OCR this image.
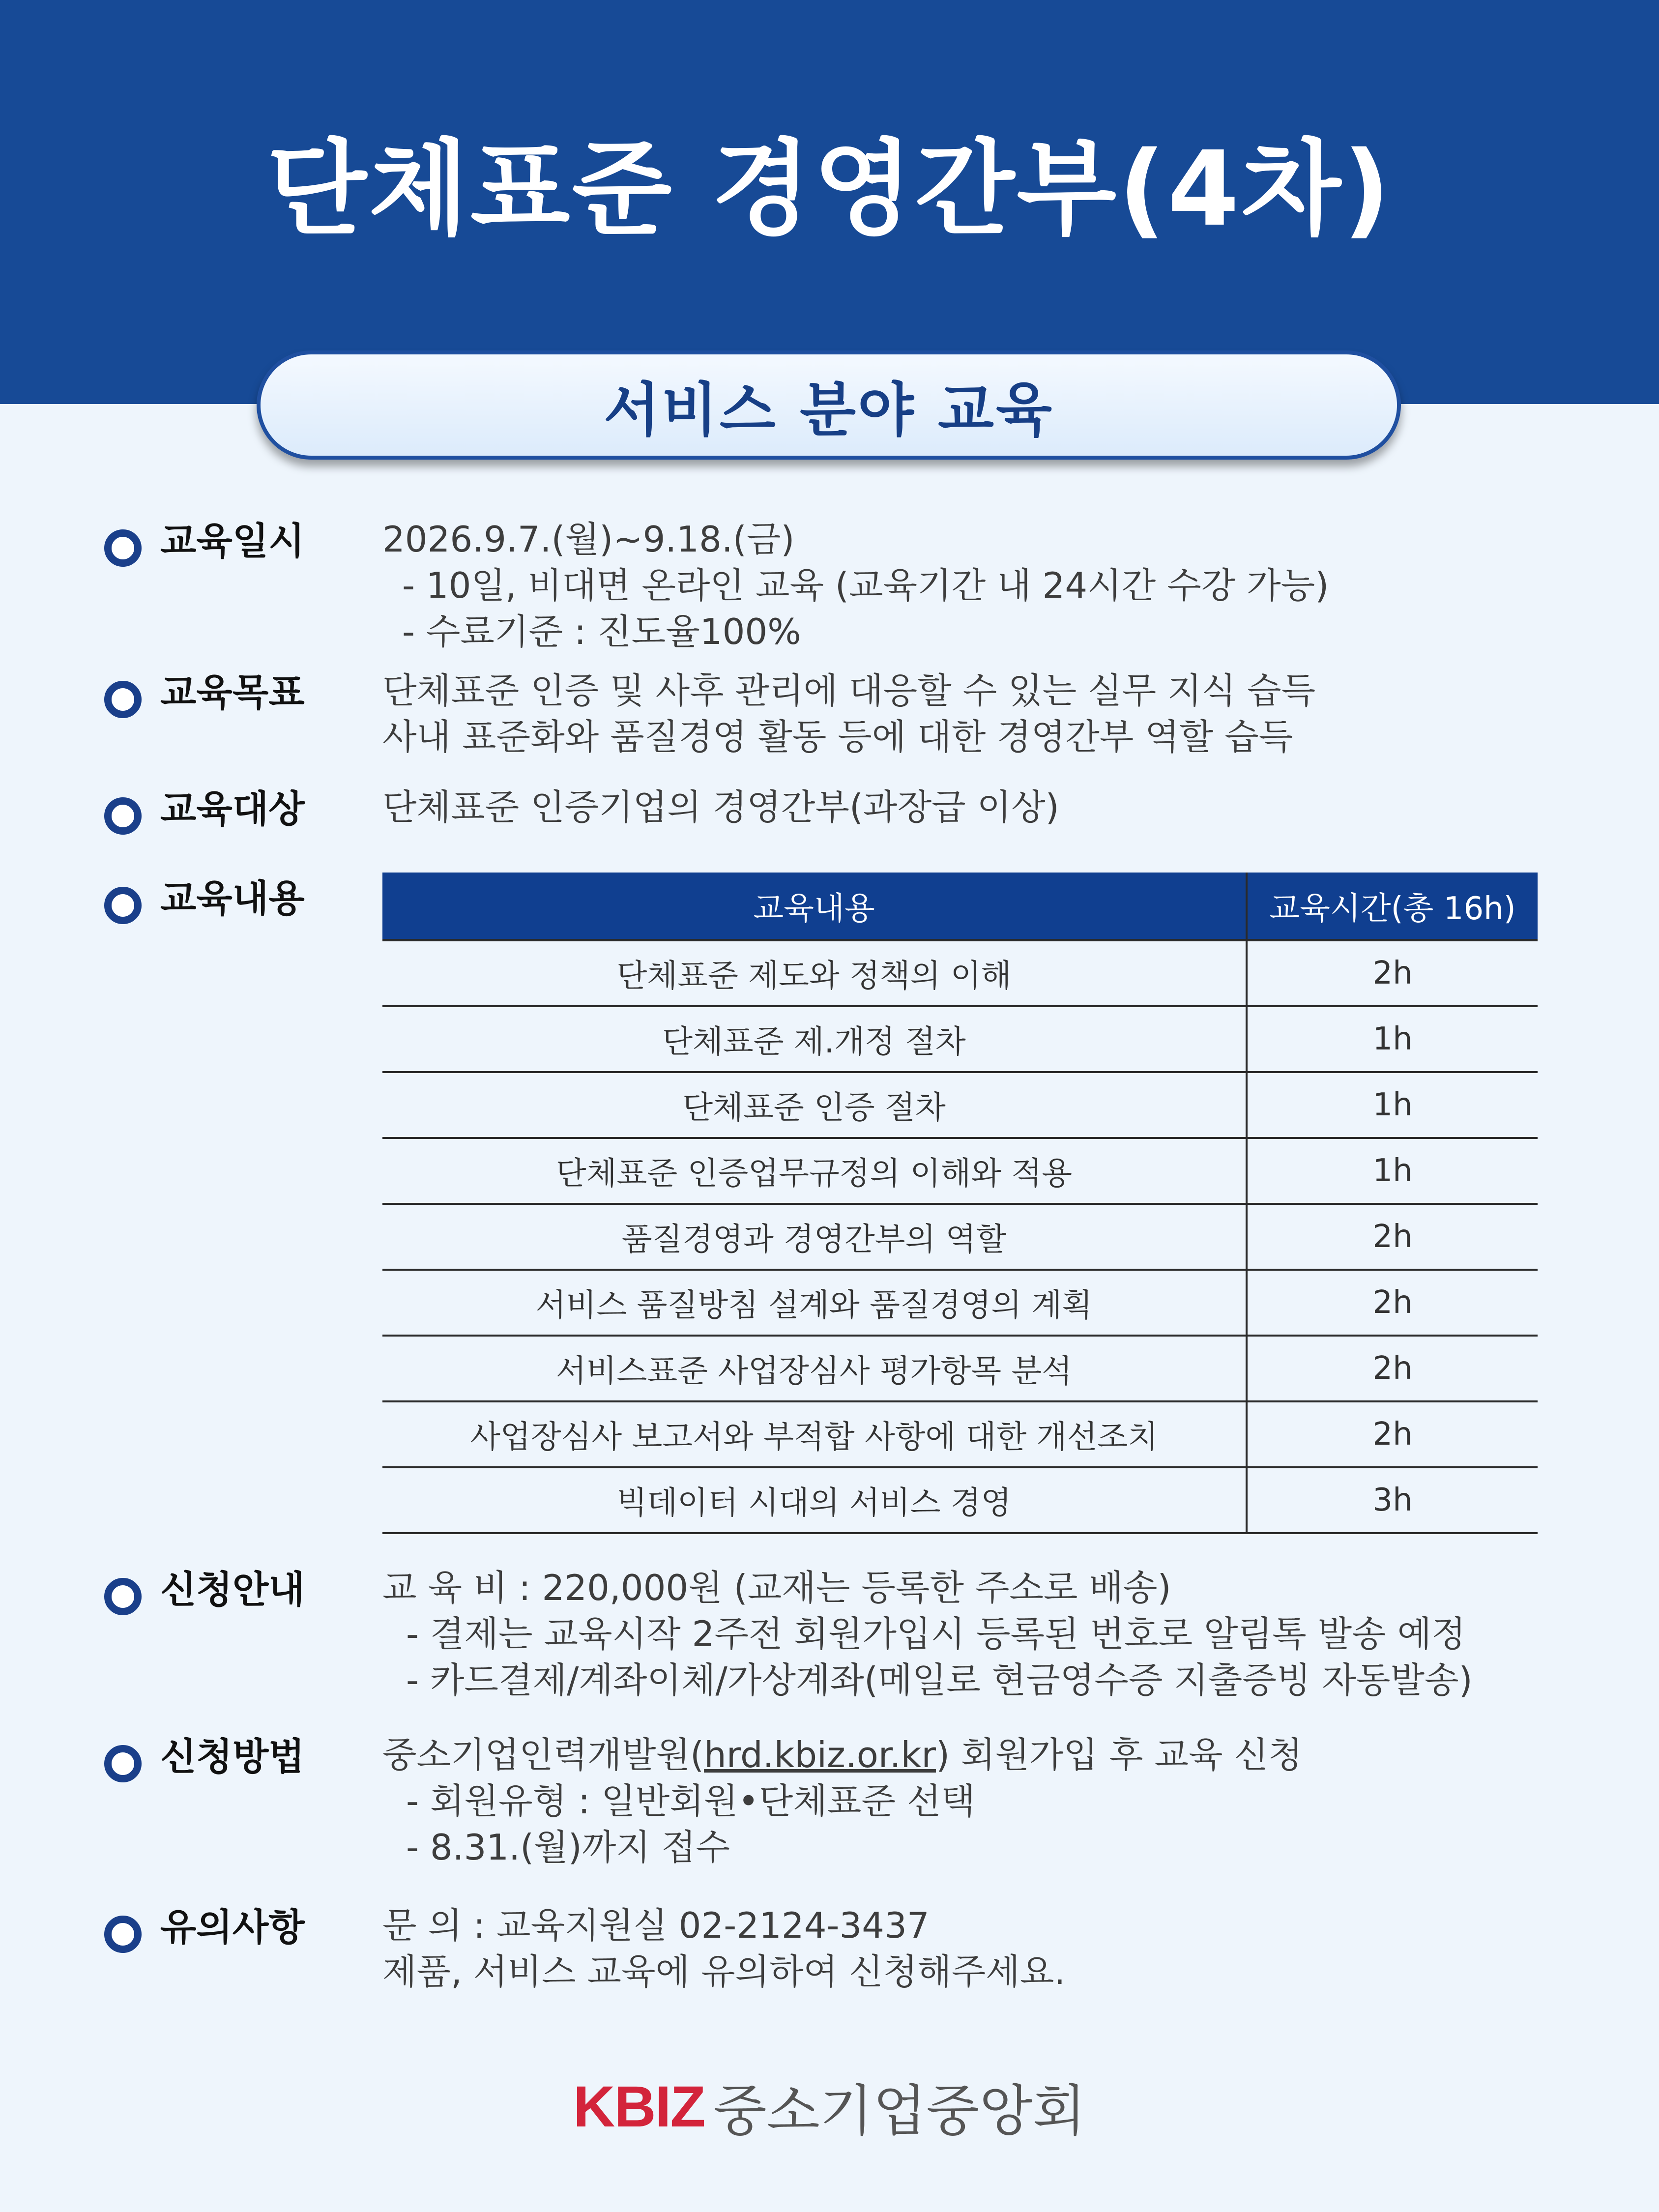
단체표준 경영간부(4차)
서비스 분야 교육
교육일시 2026.9.7.(월)~9.18.(금)
- 10일, 비대면 온라인 교육 (교육기간 내 24시간 수강 가능)
- 수료기준 : 진도율100%
교육목표 단체표준 인증 및 사후 관리에 대응할 수 있는 실무 지식 습득
사내 표준화와 품질경영 활동 등에 대한 경영간부 역할 습득
교육대상 단체표준 인증기업의 경영간부(과장급 이상)
교육내용	교육내용	교육시간(총 16h)
단체표준 제도와 정책의 이해	2h
단체표준 제.개정 절차	1h
단체표준 인증 절차	1h
단체표준 인증업무규정의 이해와 적용	1h
품질경영과 경영간부의 역할	2h
서비스 품질방침 설계와 품질경영의 계획	2h
서비스표준 사업장심사 평가항목 분석	2h
사업장심사 보고서와 부적합 사항에 대한 개선조치	2h
빅데이터 시대의 서비스 경영	3h
신청안내 교 육 비 : 220,000원 (교재는 등록한 주소로 배송)
- 결제는 교육시작 2주전 회원가입시 등록된 번호로 알림톡 발송 예정
- 카드결제/계좌이체/가상계좌(메일로 현금영수증 지출증빙 자동발송)
신청방법 중소기업인력개발원(hrd.kbiz.or.kr) 회원가입 후 교육 신청
- 회원유형 : 일반회원•단체표준 선택
- 8.31.(월)까지 접수
유의사항 문 의 : 교육지원실 02-2124-3437
제품, 서비스 교육에 유의하여 신청해주세요.
KBIZ 중소기업중앙회
